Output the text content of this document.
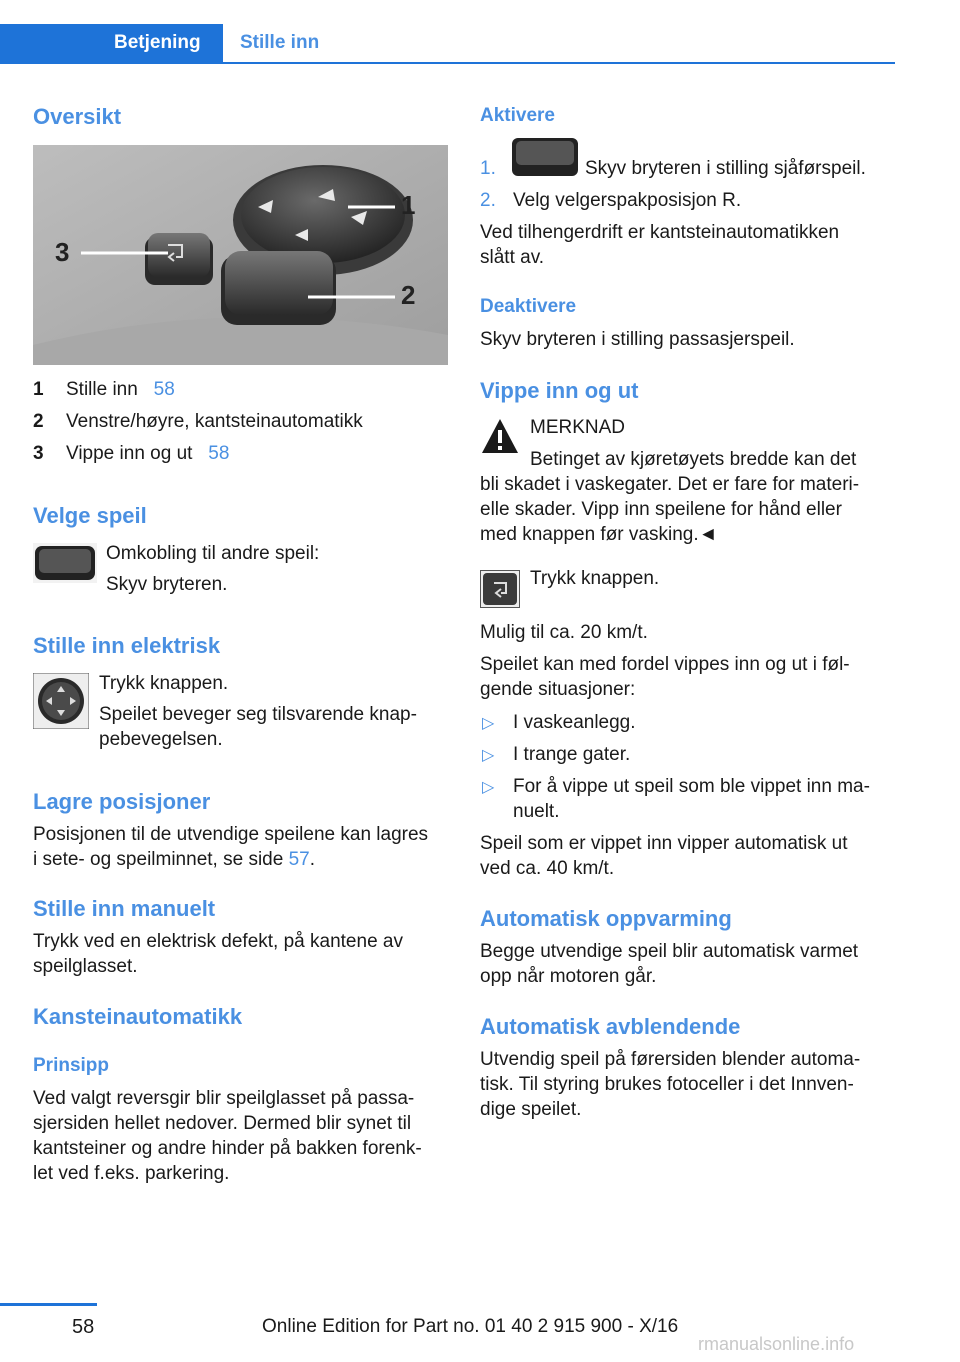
Betjening Stille inn
Oversikt
1
2
3
1 Stille inn 58
2 Venstre/høyre, kantsteinautomatikk
3 Vippe inn og ut 58
Velge speil
Omkobling til andre speil:
Skyv bryteren.
Stille inn elektrisk
Trykk knappen.
Speilet beveger seg tilsvarende knap-
pebevegelsen.
Lagre posisjoner
Posisjonen til de utvendige speilene kan lagres
i sete- og speilminnet, se side 57.
Stille inn manuelt
Trykk ved en elektrisk defekt, på kantene av
speilglasset.
Kansteinautomatikk
Prinsipp
Ved valgt reversgir blir speilglasset på passa-
sjersiden hellet nedover. Dermed blir synet til
kantsteiner og andre hinder på bakken forenk-
let ved f.eks. parkering.
Aktivere
1.	Skyv bryteren i stilling sjåførspeil.
2. Velg velgerspakposisjon R.
Ved tilhengerdrift er kantsteinautomatikken
slått av.
Deaktivere
Skyv bryteren i stilling passasjerspeil.
Vippe inn og ut
MERKNAD
Betinget av kjøretøyets bredde kan det
bli skadet i vaskegater. Det er fare for materi-
elle skader. Vipp inn speilene for hånd eller
med knappen før vasking.◄
Trykk knappen.
Mulig til ca. 20 km/t.
Speilet kan med fordel vippes inn og ut i føl-
gende situasjoner:
▷ I vaskeanlegg.
▷ I trange gater.
▷ For å vippe ut speil som ble vippet inn ma-
nuelt.
Speil som er vippet inn vipper automatisk ut
ved ca. 40 km/t.
Automatisk oppvarming
Begge utvendige speil blir automatisk varmet
opp når motoren går.
Automatisk avblendende
Utvendig speil på førersiden blender automa-
tisk. Til styring brukes fotoceller i det Innven-
dige speilet.
58	Online Edition for Part no. 01 40 2 915 900 - X/16
rmanualsonline.info
